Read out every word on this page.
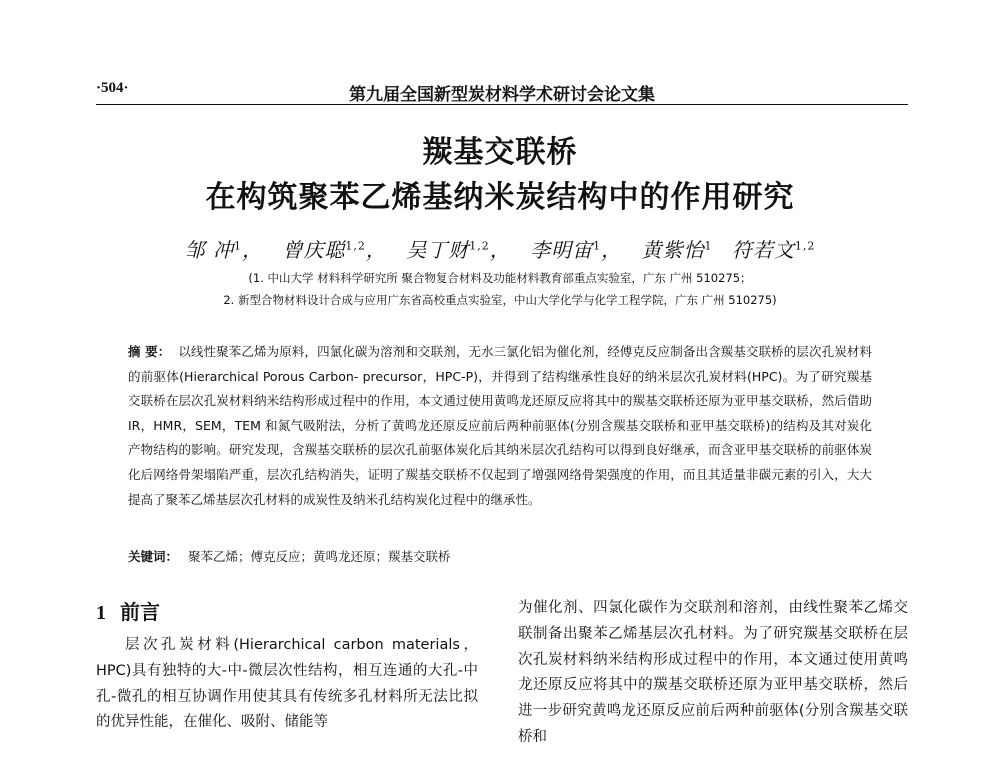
·504·	第九届全国新型炭材料学术研讨会论文集
羰基交联桥
在构筑聚苯乙烯基纳米炭结构中的作用研究
邹 冲$^1$， 曾庆聪$^{1,2}$， 吴丁财$^{1,2}$， 李明宙$^1$， 黄紫怡$^1$ 符若文$^{1,2}$
(1. 中山大学 材料科学研究所 聚合物复合材料及功能材料教育部重点实验室，广东 广州 510275；
2. 新型合物材料设计合成与应用广东省高校重点实验室，中山大学化学与化学工程学院，广东 广州 510275)
摘 要： 以线性聚苯乙烯为原料，四氯化碳为溶剂和交联剂，无水三氯化铝为催化剂，经傅克反应制备出含羰基交联桥的层次孔炭材料的前驱体(Hierarchical Porous Carbon- precursor，HPC-P)，并得到了结构继承性良好的纳米层次孔炭材料(HPC)。为了研究羰基交联桥在层次孔炭材料纳米结构形成过程中的作用，本文通过使用黄鸣龙还原反应将其中的羰基交联桥还原为亚甲基交联桥，然后借助 IR，HMR，SEM，TEM 和氮气吸附法，分析了黄鸣龙还原反应前后两种前驱体(分别含羰基交联桥和亚甲基交联桥)的结构及其对炭化产物结构的影响。研究发现，含羰基交联桥的层次孔前驱体炭化后其纳米层次孔结构可以得到良好继承，而含亚甲基交联桥的前驱体炭化后网络骨架塌陷严重，层次孔结构消失，证明了羰基交联桥不仅起到了增强网络骨架强度的作用，而且其适量非碳元素的引入，大大提高了聚苯乙烯基层次孔材料的成炭性及纳米孔结构炭化过程中的继承性。
关键词： 聚苯乙烯；傅克反应；黄鸣龙还原；羰基交联桥
1 前言
层次孔炭材料(Hierarchical carbon materials，HPC)具有独特的大-中-微层次性结构，相互连通的大孔-中孔-微孔的相互协调作用使其具有传统多孔材料所无法比拟的优异性能，在催化、吸附、储能等
为催化剂、四氯化碳作为交联剂和溶剂，由线性聚苯乙烯交联制备出聚苯乙烯基层次孔材料。为了研究羰基交联桥在层次孔炭材料纳米结构形成过程中的作用，本文通过使用黄鸣龙还原反应将其中的羰基交联桥还原为亚甲基交联桥，然后进一步研究黄鸣龙还原反应前后两种前驱体(分别含羰基交联桥和
